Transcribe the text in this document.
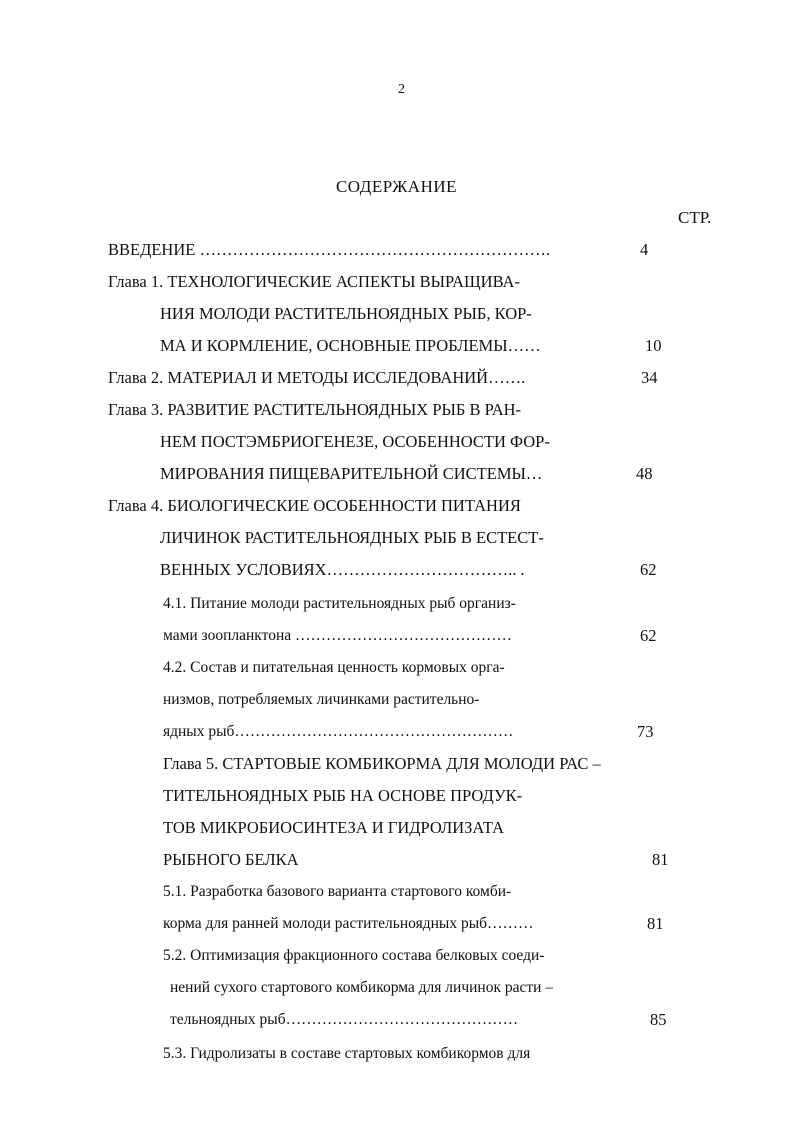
2
СОДЕРЖАНИЕ
СТР.
ВВЕДЕНИЕ ……………………………………………………….	4
Глава 1. ТЕХНОЛОГИЧЕСКИЕ АСПЕКТЫ ВЫРАЩИВА-
НИЯ МОЛОДИ РАСТИТЕЛЬНОЯДНЫХ РЫБ, КОР-
МА И КОРМЛЕНИЕ, ОСНОВНЫЕ ПРОБЛЕМЫ……	10
Глава 2. МАТЕРИАЛ И МЕТОДЫ ИССЛЕДОВАНИЙ…….	34
Глава 3. РАЗВИТИЕ РАСТИТЕЛЬНОЯДНЫХ РЫБ В РАН-
НЕМ ПОСТЭМБРИОГЕНЕЗЕ, ОСОБЕННОСТИ ФОР-
МИРОВАНИЯ ПИЩЕВАРИТЕЛЬНОЙ СИСТЕМЫ…	48
Глава 4. БИОЛОГИЧЕСКИЕ ОСОБЕННОСТИ ПИТАНИЯ
ЛИЧИНОК РАСТИТЕЛЬНОЯДНЫХ РЫБ В ЕСТЕСТ-
ВЕННЫХ УСЛОВИЯХ…………………………….. .	62
4.1. Питание молоди растительноядных рыб организ-
мами зоопланктона ……………………………………	62
4.2. Состав и питательная ценность кормовых орга-
низмов, потребляемых личинками растительно-
ядных рыб………………………………………………	73
Глава 5. СТАРТОВЫЕ КОМБИКОРМА ДЛЯ МОЛОДИ РАС –
ТИТЕЛЬНОЯДНЫХ РЫБ НА ОСНОВЕ ПРОДУК-
ТОВ МИКРОБИОСИНТЕЗА И ГИДРОЛИЗАТА
РЫБНОГО БЕЛКА	81
5.1. Разработка базового варианта стартового комби-
корма для ранней молоди растительноядных рыб………	81
5.2. Оптимизация фракционного состава белковых соеди-
нений сухого стартового комбикорма для личинок расти –
тельноядных рыб………………………………………	85
5.3. Гидролизаты в составе стартовых комбикормов для
